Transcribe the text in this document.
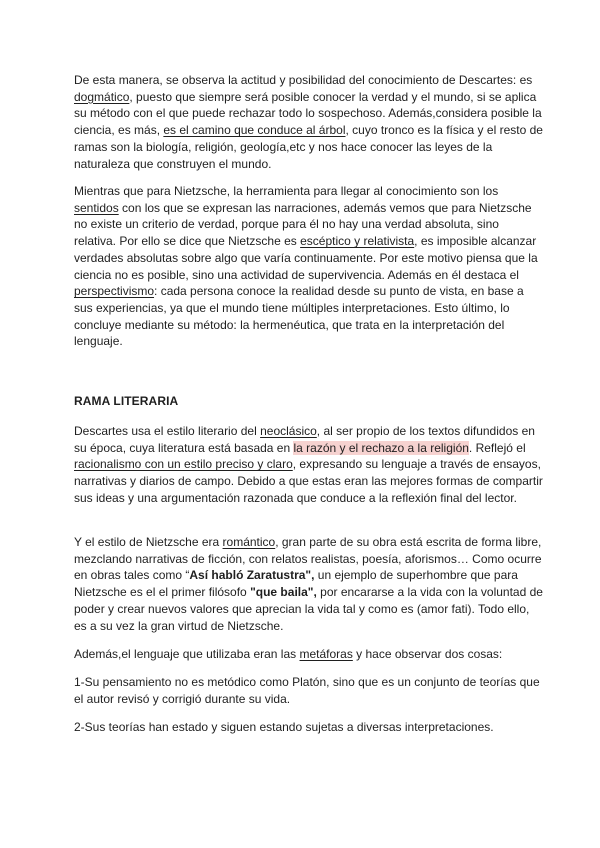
De esta manera, se observa la actitud y posibilidad del conocimiento de Descartes: es dogmático, puesto que siempre será posible conocer la verdad y el mundo, si se aplica su método con el que puede rechazar todo lo sospechoso. Además,considera posible la ciencia, es más, es el camino que conduce al árbol, cuyo tronco es la física y el resto de ramas son la biología, religión, geología,etc y nos hace conocer las leyes de la naturaleza que construyen el mundo.

Mientras que para Nietzsche, la herramienta para llegar al conocimiento son los sentidos con los que se expresan las narraciones, además vemos que para Nietzsche no existe un criterio de verdad, porque para él no hay una verdad absoluta, sino relativa. Por ello se dice que Nietzsche es escéptico y relativista, es imposible alcanzar verdades absolutas sobre algo que varía continuamente. Por este motivo piensa que la ciencia no es posible, sino una actividad de supervivencia. Además en él destaca el perspectivismo: cada persona conoce la realidad desde su punto de vista, en base a sus experiencias, ya que el mundo tiene múltiples interpretaciones. Esto último, lo concluye mediante su método: la hermenéutica, que trata en la interpretación del lenguaje.

RAMA LITERARIA

Descartes usa el estilo literario del neoclásico, al ser propio de los textos difundidos en su época, cuya literatura está basada en la razón y el rechazo a la religión. Reflejó el racionalismo con un estilo preciso y claro, expresando su lenguaje a través de ensayos, narrativas y diarios de campo. Debido a que estas eran las mejores formas de compartir sus ideas y una argumentación razonada que conduce a la reflexión final del lector.

Y el estilo de Nietzsche era romántico, gran parte de su obra está escrita de forma libre, mezclando narrativas de ficción, con relatos realistas, poesía, aforismos… Como ocurre en obras tales como “Así habló Zaratustra", un ejemplo de superhombre que para Nietzsche es el el primer filósofo "que baila", por encararse a la vida con la voluntad de poder y crear nuevos valores que aprecian la vida tal y como es (amor fati). Todo ello, es a su vez la gran virtud de Nietzsche.

Además,el lenguaje que utilizaba eran las metáforas y hace observar dos cosas:

1-Su pensamiento no es metódico como Platón, sino que es un conjunto de teorías que el autor revisó y corrigió durante su vida.

2-Sus teorías han estado y siguen estando sujetas a diversas interpretaciones.
